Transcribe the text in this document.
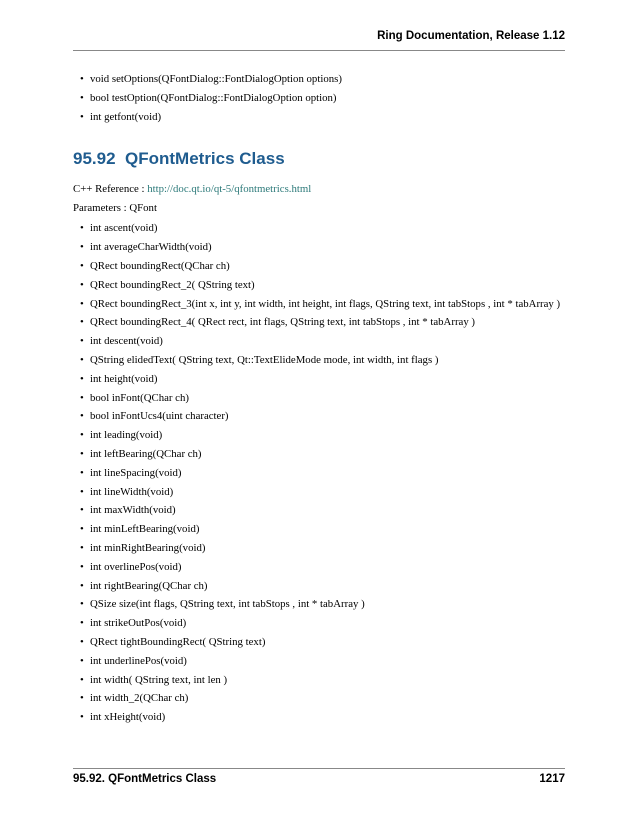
Ring Documentation, Release 1.12
• void setOptions(QFontDialog::FontDialogOption options)
• bool testOption(QFontDialog::FontDialogOption option)
• int getfont(void)
95.92 QFontMetrics Class
C++ Reference : http://doc.qt.io/qt-5/qfontmetrics.html
Parameters : QFont
• int ascent(void)
• int averageCharWidth(void)
• QRect boundingRect(QChar ch)
• QRect boundingRect_2( QString text)
• QRect boundingRect_3(int x, int y, int width, int height, int flags, QString text, int tabStops , int * tabArray )
• QRect boundingRect_4( QRect rect, int flags, QString text, int tabStops , int * tabArray )
• int descent(void)
• QString elidedText( QString text, Qt::TextElideMode mode, int width, int flags )
• int height(void)
• bool inFont(QChar ch)
• bool inFontUcs4(uint character)
• int leading(void)
• int leftBearing(QChar ch)
• int lineSpacing(void)
• int lineWidth(void)
• int maxWidth(void)
• int minLeftBearing(void)
• int minRightBearing(void)
• int overlinePos(void)
• int rightBearing(QChar ch)
• QSize size(int flags, QString text, int tabStops , int * tabArray )
• int strikeOutPos(void)
• QRect tightBoundingRect( QString text)
• int underlinePos(void)
• int width( QString text, int len )
• int width_2(QChar ch)
• int xHeight(void)
95.92. QFontMetrics Class	1217
